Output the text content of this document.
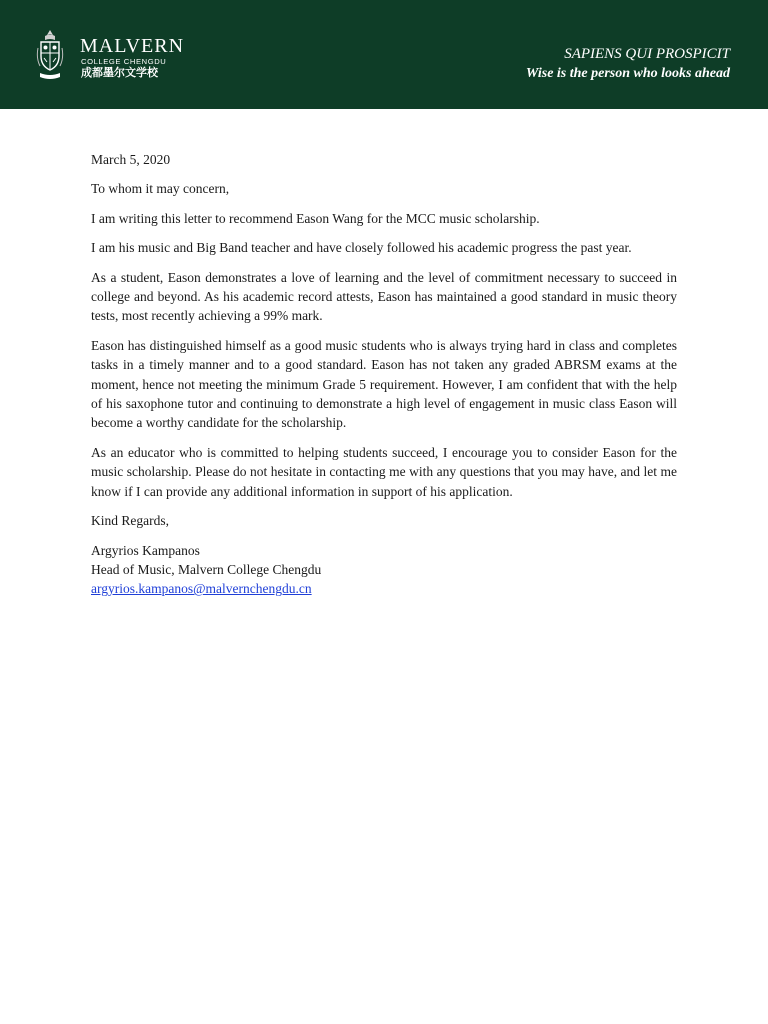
MALVERN
COLLEGE CHENGDU
成都墨尔文学校
SAPIENS QUI PROSPICIT
Wise is the person who looks ahead

March 5, 2020

To whom it may concern,

I am writing this letter to recommend Eason Wang for the MCC music scholarship.

I am his music and Big Band teacher and have closely followed his academic progress the past year.

As a student, Eason demonstrates a love of learning and the level of commitment necessary to succeed in college and beyond. As his academic record attests, Eason has maintained a good standard in music theory tests, most recently achieving a 99% mark.

Eason has distinguished himself as a good music students who is always trying hard in class and completes tasks in a timely manner and to a good standard. Eason has not taken any graded ABRSM exams at the moment, hence not meeting the minimum Grade 5 requirement. However, I am confident that with the help of his saxophone tutor and continuing to demonstrate a high level of engagement in music class Eason will become a worthy candidate for the scholarship.

As an educator who is committed to helping students succeed, I encourage you to consider Eason for the music scholarship. Please do not hesitate in contacting me with any questions that you may have, and let me know if I can provide any additional information in support of his application.

Kind Regards,

Argyrios Kampanos
Head of Music, Malvern College Chengdu
argyrios.kampanos@malvernchengdu.cn
